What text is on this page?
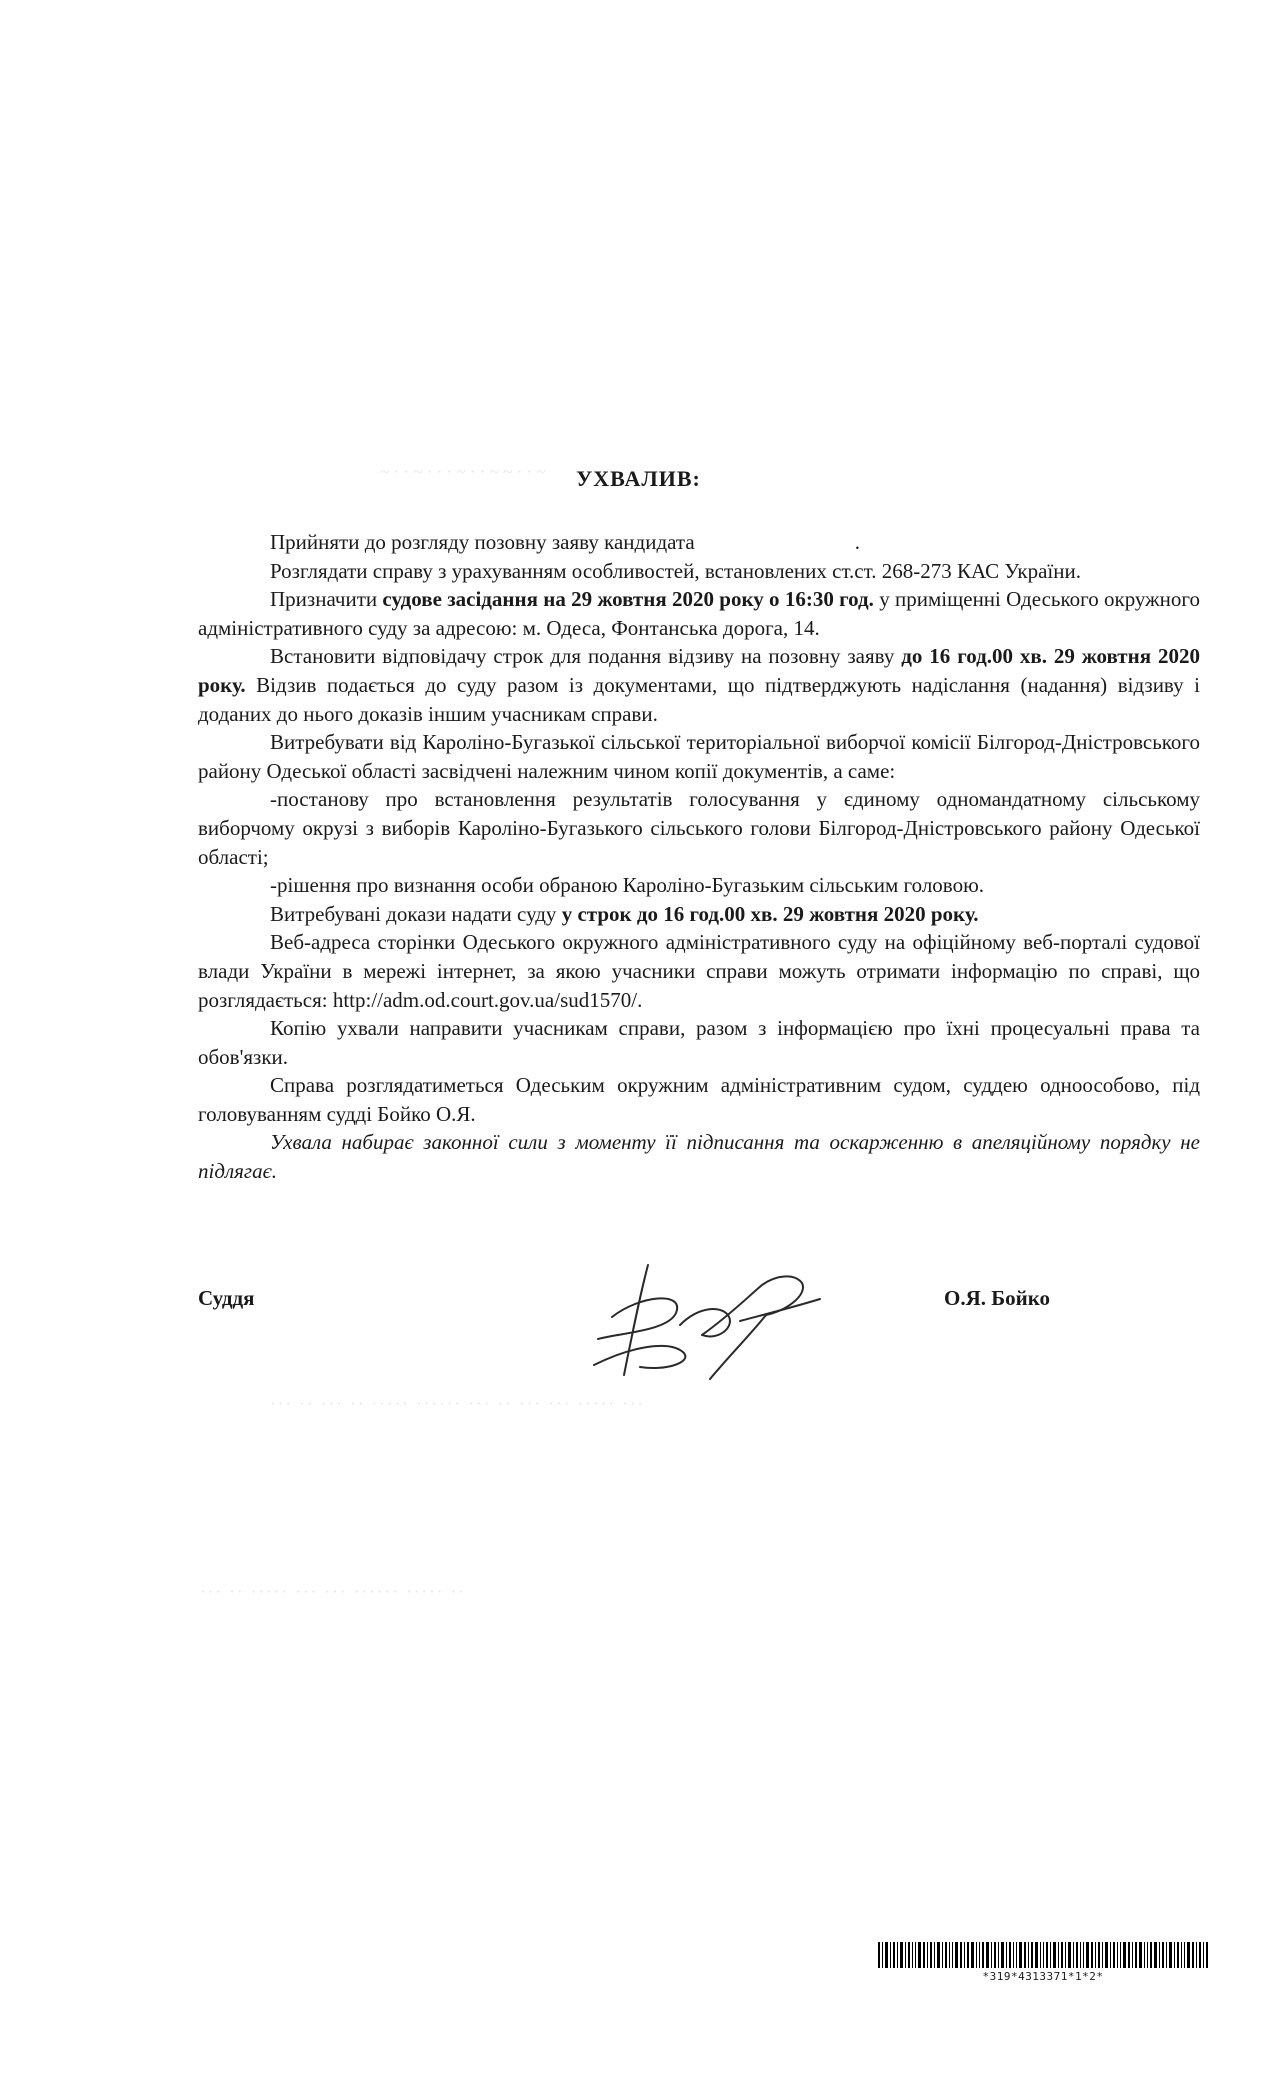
~ · · ~ · · · ~ · · ~ ~ · · ~
··· ·· ··· ·· ····· ······ ··· ·· ··· ··· ····· ···
··· ·· ····· ··· ··· ······ ····· ··
УХВАЛИВ:

Прийняти до розгляду позовну заяву кандидата	.

Розглядати справу з урахуванням особливостей, встановлених ст.ст. 268-273 КАС України.

Призначити судове засідання на 29 жовтня 2020 року о 16:30 год. у приміщенні Одеського окружного адміністративного суду за адресою: м. Одеса, Фонтанська дорога, 14.

Встановити відповідачу строк для подання відзиву на позовну заяву до 16 год.00 хв. 29 жовтня 2020 року. Відзив подається до суду разом із документами, що підтверджують надіслання (надання) відзиву і доданих до нього доказів іншим учасникам справи.

Витребувати від Кароліно-Бугазької сільської територіальної виборчої комісії Білгород-Дністровського району Одеської області засвідчені належним чином копії документів, а саме:

-постанову про встановлення результатів голосування у єдиному одномандатному сільському виборчому окрузі з виборів Кароліно-Бугазького сільського голови Білгород-Дністровського району Одеської області;

-рішення про визнання особи обраною Кароліно-Бугазьким сільським головою.

Витребувані докази надати суду у строк до 16 год.00 хв. 29 жовтня 2020 року.

Веб-адреса сторінки Одеського окружного адміністративного суду на офіційному веб-порталі судової влади України в мережі інтернет, за якою учасники справи можуть отримати інформацію по справі, що розглядається: http://adm.od.court.gov.ua/sud1570/.

Копію ухвали направити учасникам справи, разом з інформацією про їхні процесуальні права та обов'язки.

Справа розглядатиметься Одеським окружним адміністративним судом, суддею одноособово, під головуванням судді Бойко О.Я.

Ухвала набирає законної сили з моменту її підписання та оскарженню в апеляційному порядку не підлягає.

Суддя	О.Я. Бойко
*319*4313371*1*2*
